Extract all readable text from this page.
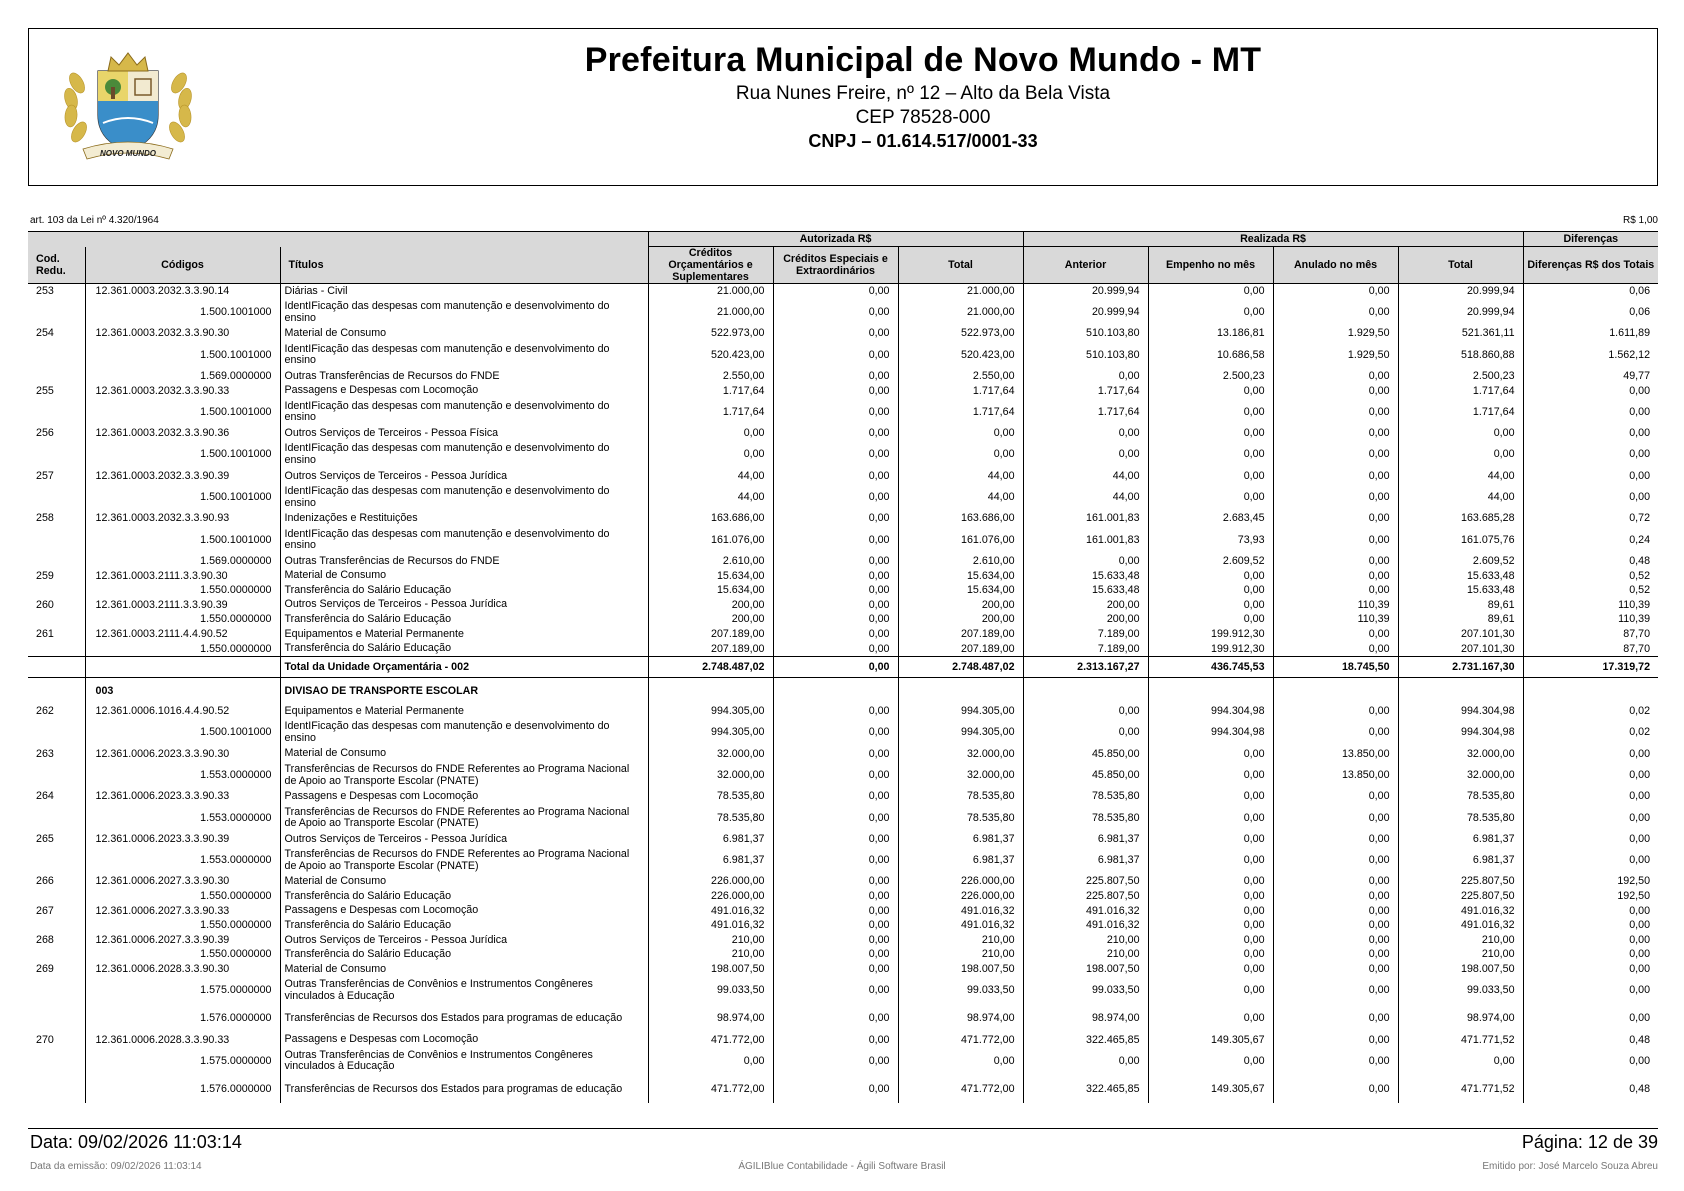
NOVO MUNDO
Prefeitura Municipal de Novo Mundo - MT
Rua Nunes Freire, nº 12 – Alto da Bela Vista
CEP 78528-000
CNPJ – 01.614.517/0001-33
art. 103 da Lei nº 4.320/1964	R$ 1,00
			Autorizada R$			Realizada R$				Diferenças
Cod. Redu.	Códigos	Títulos	Créditos Orçamentários e Suplementares	Créditos Especiais e Extraordinários	Total	Anterior	Empenho no mês	Anulado no mês	Total	Diferenças R$ dos Totais
253	12.361.0003.2032.3.3.90.14	Diárias - Civil	21.000,00	0,00	21.000,00	20.999,94	0,00	0,00	20.999,94	0,06
	1.500.1001000	IdentIFicação das despesas com manutenção e desenvolvimento do ensino	21.000,00	0,00	21.000,00	20.999,94	0,00	0,00	20.999,94	0,06
254	12.361.0003.2032.3.3.90.30	Material de Consumo	522.973,00	0,00	522.973,00	510.103,80	13.186,81	1.929,50	521.361,11	1.611,89
	1.500.1001000	IdentIFicação das despesas com manutenção e desenvolvimento do ensino	520.423,00	0,00	520.423,00	510.103,80	10.686,58	1.929,50	518.860,88	1.562,12
	1.569.0000000	Outras Transferências de Recursos do FNDE	2.550,00	0,00	2.550,00	0,00	2.500,23	0,00	2.500,23	49,77
255	12.361.0003.2032.3.3.90.33	Passagens e Despesas com Locomoção	1.717,64	0,00	1.717,64	1.717,64	0,00	0,00	1.717,64	0,00
	1.500.1001000	IdentIFicação das despesas com manutenção e desenvolvimento do ensino	1.717,64	0,00	1.717,64	1.717,64	0,00	0,00	1.717,64	0,00
256	12.361.0003.2032.3.3.90.36	Outros Serviços de Terceiros - Pessoa Física	0,00	0,00	0,00	0,00	0,00	0,00	0,00	0,00
	1.500.1001000	IdentIFicação das despesas com manutenção e desenvolvimento do ensino	0,00	0,00	0,00	0,00	0,00	0,00	0,00	0,00
257	12.361.0003.2032.3.3.90.39	Outros Serviços de Terceiros - Pessoa Jurídica	44,00	0,00	44,00	44,00	0,00	0,00	44,00	0,00
	1.500.1001000	IdentIFicação das despesas com manutenção e desenvolvimento do ensino	44,00	0,00	44,00	44,00	0,00	0,00	44,00	0,00
258	12.361.0003.2032.3.3.90.93	Indenizações e Restituições	163.686,00	0,00	163.686,00	161.001,83	2.683,45	0,00	163.685,28	0,72
	1.500.1001000	IdentIFicação das despesas com manutenção e desenvolvimento do ensino	161.076,00	0,00	161.076,00	161.001,83	73,93	0,00	161.075,76	0,24
	1.569.0000000	Outras Transferências de Recursos do FNDE	2.610,00	0,00	2.610,00	0,00	2.609,52	0,00	2.609,52	0,48
259	12.361.0003.2111.3.3.90.30	Material de Consumo	15.634,00	0,00	15.634,00	15.633,48	0,00	0,00	15.633,48	0,52
	1.550.0000000	Transferência do Salário Educação	15.634,00	0,00	15.634,00	15.633,48	0,00	0,00	15.633,48	0,52
260	12.361.0003.2111.3.3.90.39	Outros Serviços de Terceiros - Pessoa Jurídica	200,00	0,00	200,00	200,00	0,00	110,39	89,61	110,39
	1.550.0000000	Transferência do Salário Educação	200,00	0,00	200,00	200,00	0,00	110,39	89,61	110,39
261	12.361.0003.2111.4.4.90.52	Equipamentos e Material Permanente	207.189,00	0,00	207.189,00	7.189,00	199.912,30	0,00	207.101,30	87,70
	1.550.0000000	Transferência do Salário Educação	207.189,00	0,00	207.189,00	7.189,00	199.912,30	0,00	207.101,30	87,70
		Total da Unidade Orçamentária - 002	2.748.487,02	0,00	2.748.487,02	2.313.167,27	436.745,53	18.745,50	2.731.167,30	17.319,72
	003	DIVISAO DE TRANSPORTE ESCOLAR								
262	12.361.0006.1016.4.4.90.52	Equipamentos e Material Permanente	994.305,00	0,00	994.305,00	0,00	994.304,98	0,00	994.304,98	0,02
	1.500.1001000	IdentIFicação das despesas com manutenção e desenvolvimento do ensino	994.305,00	0,00	994.305,00	0,00	994.304,98	0,00	994.304,98	0,02
263	12.361.0006.2023.3.3.90.30	Material de Consumo	32.000,00	0,00	32.000,00	45.850,00	0,00	13.850,00	32.000,00	0,00
	1.553.0000000	Transferências de Recursos do FNDE Referentes ao Programa Nacional de Apoio ao Transporte Escolar (PNATE)	32.000,00	0,00	32.000,00	45.850,00	0,00	13.850,00	32.000,00	0,00
264	12.361.0006.2023.3.3.90.33	Passagens e Despesas com Locomoção	78.535,80	0,00	78.535,80	78.535,80	0,00	0,00	78.535,80	0,00
	1.553.0000000	Transferências de Recursos do FNDE Referentes ao Programa Nacional de Apoio ao Transporte Escolar (PNATE)	78.535,80	0,00	78.535,80	78.535,80	0,00	0,00	78.535,80	0,00
265	12.361.0006.2023.3.3.90.39	Outros Serviços de Terceiros - Pessoa Jurídica	6.981,37	0,00	6.981,37	6.981,37	0,00	0,00	6.981,37	0,00
	1.553.0000000	Transferências de Recursos do FNDE Referentes ao Programa Nacional de Apoio ao Transporte Escolar (PNATE)	6.981,37	0,00	6.981,37	6.981,37	0,00	0,00	6.981,37	0,00
266	12.361.0006.2027.3.3.90.30	Material de Consumo	226.000,00	0,00	226.000,00	225.807,50	0,00	0,00	225.807,50	192,50
	1.550.0000000	Transferência do Salário Educação	226.000,00	0,00	226.000,00	225.807,50	0,00	0,00	225.807,50	192,50
267	12.361.0006.2027.3.3.90.33	Passagens e Despesas com Locomoção	491.016,32	0,00	491.016,32	491.016,32	0,00	0,00	491.016,32	0,00
	1.550.0000000	Transferência do Salário Educação	491.016,32	0,00	491.016,32	491.016,32	0,00	0,00	491.016,32	0,00
268	12.361.0006.2027.3.3.90.39	Outros Serviços de Terceiros - Pessoa Jurídica	210,00	0,00	210,00	210,00	0,00	0,00	210,00	0,00
	1.550.0000000	Transferência do Salário Educação	210,00	0,00	210,00	210,00	0,00	0,00	210,00	0,00
269	12.361.0006.2028.3.3.90.30	Material de Consumo	198.007,50	0,00	198.007,50	198.007,50	0,00	0,00	198.007,50	0,00
	1.575.0000000	Outras Transferências de Convênios e Instrumentos Congêneres vinculados à Educação	99.033,50	0,00	99.033,50	99.033,50	0,00	0,00	99.033,50	0,00
	1.576.0000000	Transferências de Recursos dos Estados para programas de educação	98.974,00	0,00	98.974,00	98.974,00	0,00	0,00	98.974,00	0,00
270	12.361.0006.2028.3.3.90.33	Passagens e Despesas com Locomoção	471.772,00	0,00	471.772,00	322.465,85	149.305,67	0,00	471.771,52	0,48
	1.575.0000000	Outras Transferências de Convênios e Instrumentos Congêneres vinculados à Educação	0,00	0,00	0,00	0,00	0,00	0,00	0,00	0,00
	1.576.0000000	Transferências de Recursos dos Estados para programas de educação	471.772,00	0,00	471.772,00	322.465,85	149.305,67	0,00	471.771,52	0,48
Data: 09/02/2026 11:03:14	Página: 12 de 39
Data da emissão: 09/02/2026 11:03:14	ÁGILIBlue Contabilidade - Ágili Software Brasil	Emitido por: José Marcelo Souza Abreu
